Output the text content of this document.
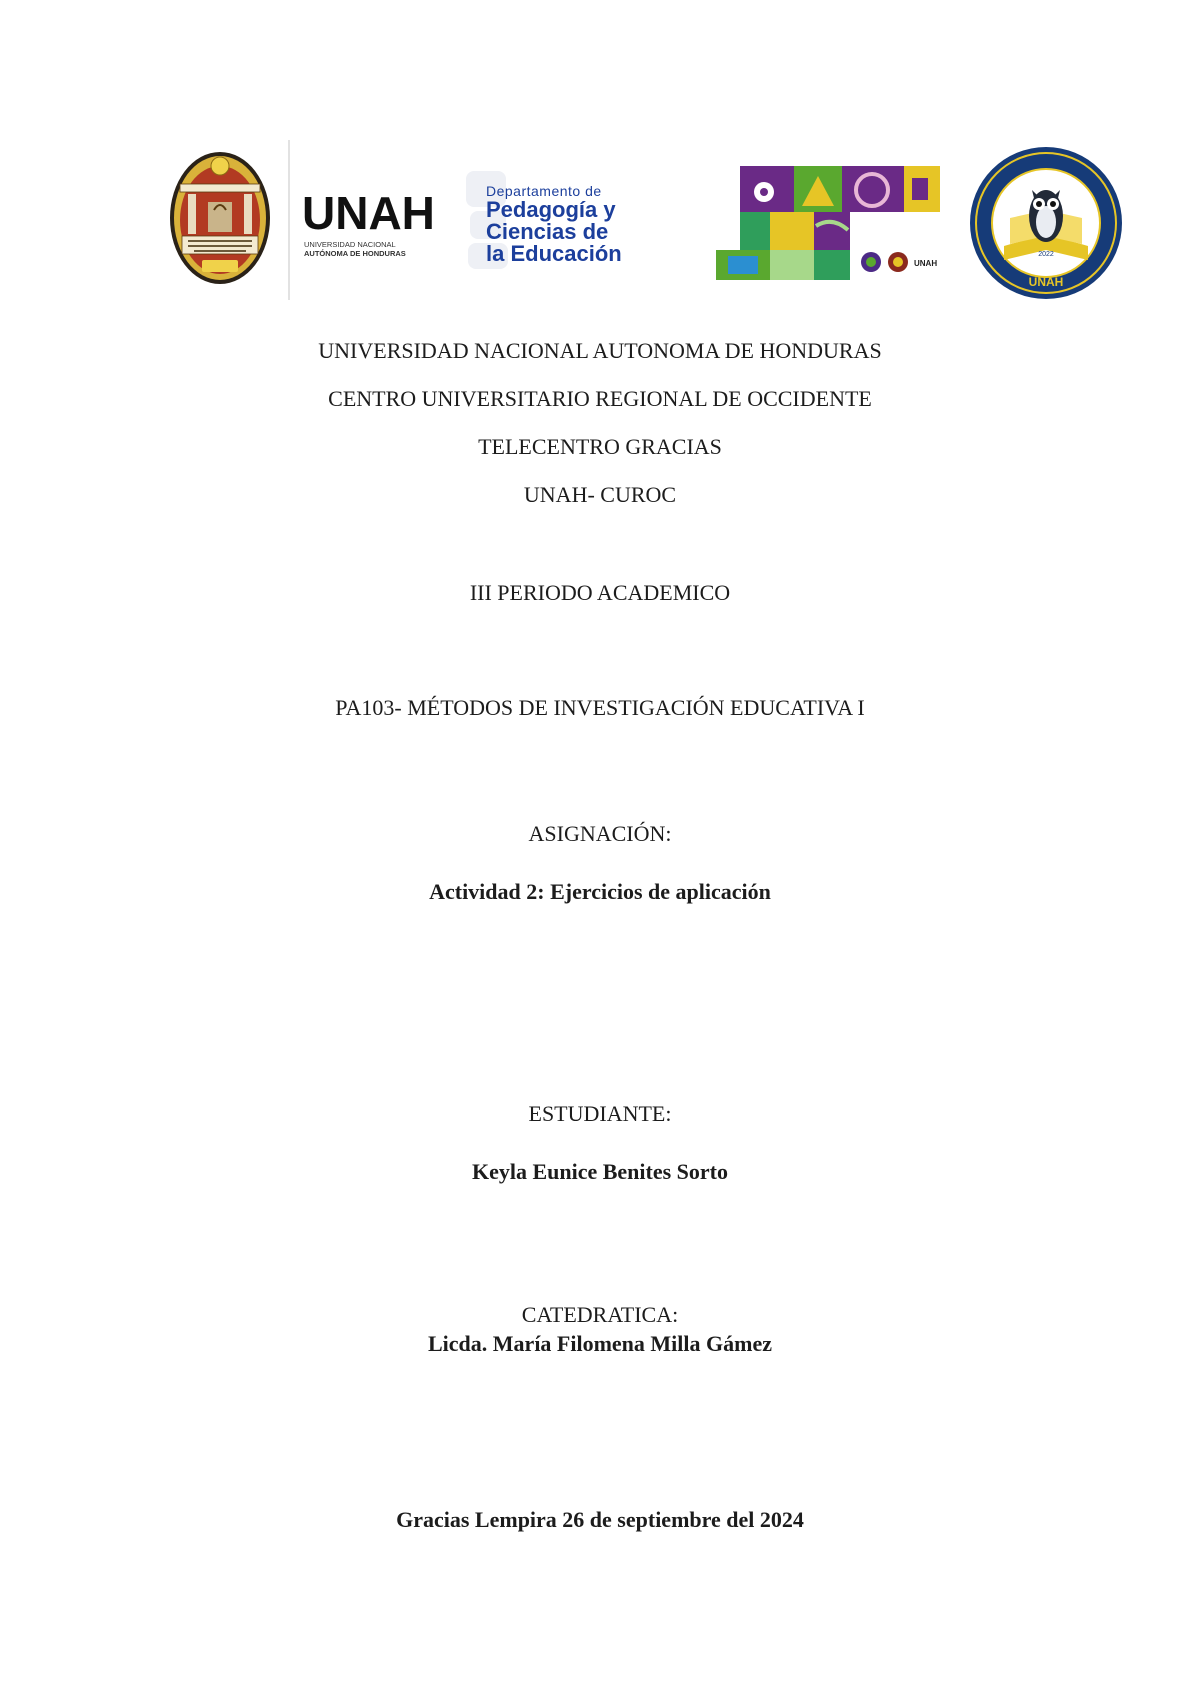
UNAH
UNIVERSIDAD NACIONAL
AUTÓNOMA DE HONDURAS
Departamento de
Pedagogía y
Ciencias de
la Educación	UNAH
2022
UNAH
UNIVERSIDAD NACIONAL AUTONOMA DE HONDURAS
CENTRO UNIVERSITARIO REGIONAL DE OCCIDENTE
TELECENTRO GRACIAS
UNAH- CUROC
III PERIODO ACADEMICO
PA103- MÉTODOS DE INVESTIGACIÓN EDUCATIVA I
ASIGNACIÓN:
Actividad 2: Ejercicios de aplicación
ESTUDIANTE:
Keyla Eunice Benites Sorto
CATEDRATICA:
Licda. María Filomena Milla Gámez
Gracias Lempira 26 de septiembre del 2024
